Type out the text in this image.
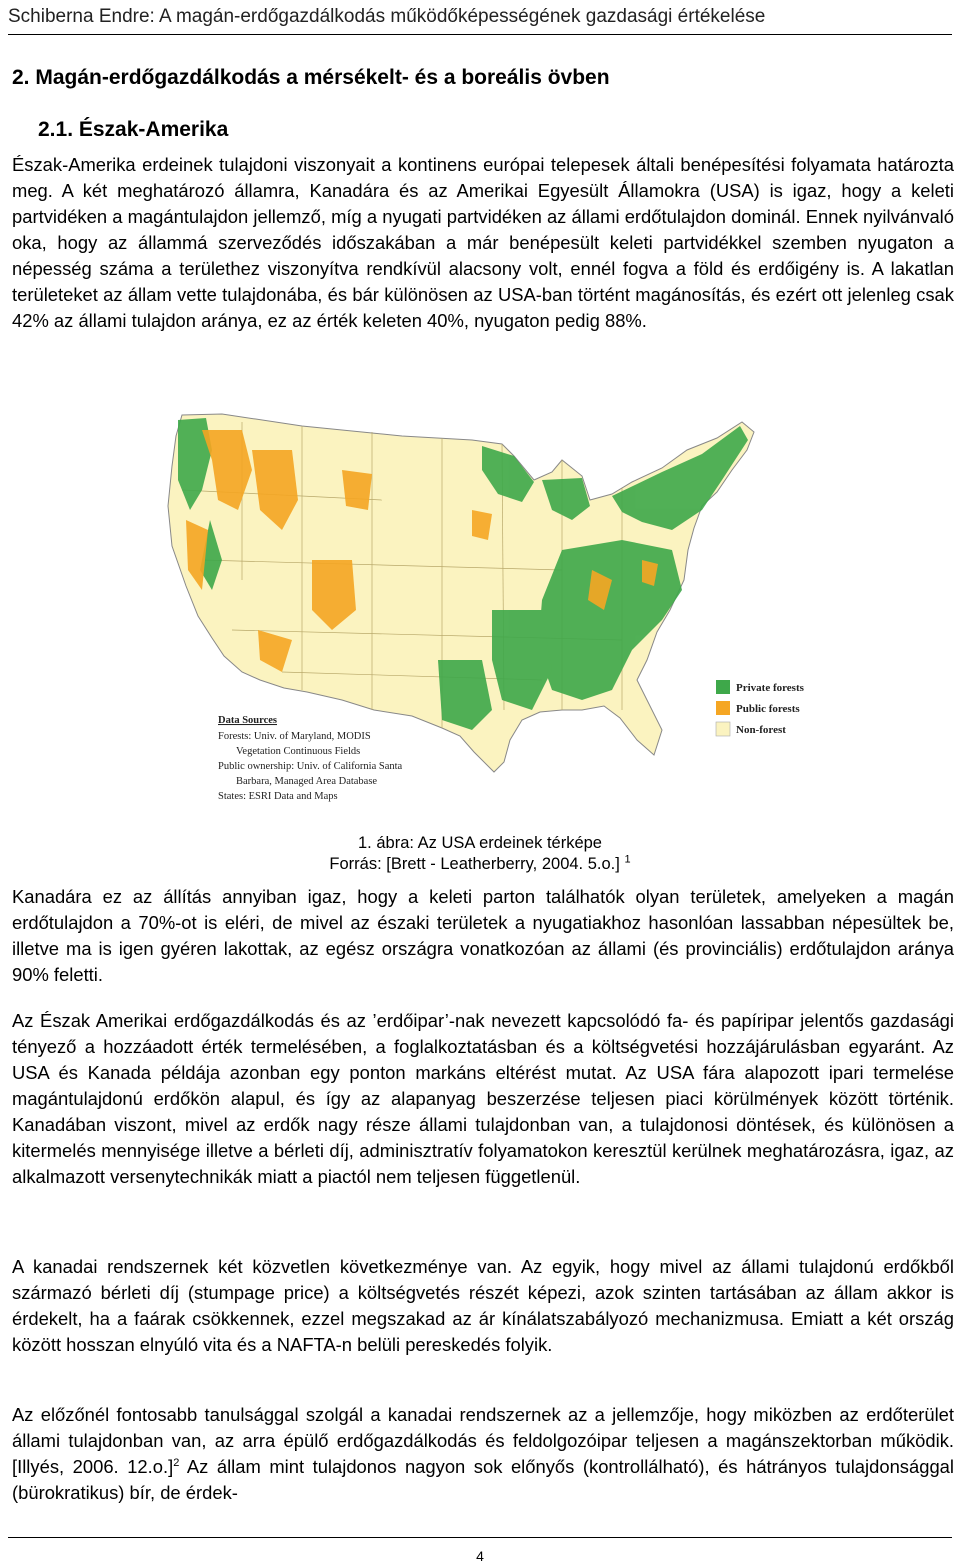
Schiberna Endre: A magán-erdőgazdálkodás működőképességének gazdasági értékelése
2. Magán-erdőgazdálkodás a mérsékelt- és a boreális övben
2.1. Észak-Amerika

Észak-Amerika erdeinek tulajdoni viszonyait a kontinens európai telepesek általi benépesítési folyamata határozta meg. A két meghatározó államra, Kanadára és az Amerikai Egyesült Államokra (USA) is igaz, hogy a keleti partvidéken a magántulajdon jellemző, míg a nyugati partvidéken az állami erdőtulajdon dominál. Ennek nyilvánvaló oka, hogy az állammá szerveződés időszakában a már benépesült keleti partvidékkel szemben nyugaton a népesség száma a területhez viszonyítva rendkívül alacsony volt, ennél fogva a föld és erdőigény is. A lakatlan területeket az állam vette tulajdonába, és bár különösen az USA-ban történt magánosítás, és ezért ott jelenleg csak 42% az állami tulajdon aránya, ez az érték keleten 40%, nyugaton pedig 88%.

Private forests
Public forests
Non-forest
Data Sources
Forests: Univ. of Maryland, MODIS
Vegetation Continuous Fields
Public ownership: Univ. of California Santa
Barbara, Managed Area Database
States: ESRI Data and Maps
1. ábra: Az USA erdeinek térképe
Forrás: [Brett - Leatherberry, 2004. 5.o.] $^1$

Kanadára ez az állítás annyiban igaz, hogy a keleti parton találhatók olyan területek, amelyeken a magán erdőtulajdon a 70%-ot is eléri, de mivel az északi területek a nyugatiakhoz hasonlóan lassabban népesültek be, illetve ma is igen gyéren lakottak, az egész országra vonatkozóan az állami (és provinciális) erdőtulajdon aránya 90% feletti.

Az Észak Amerikai erdőgazdálkodás és az ’erdőipar’-nak nevezett kapcsolódó fa- és papíripar jelentős gazdasági tényező a hozzáadott érték termelésében, a foglalkoztatásban és a költségvetési hozzájárulásban egyaránt. Az USA és Kanada példája azonban egy ponton markáns eltérést mutat. Az USA fára alapozott ipari termelése magántulajdonú erdőkön alapul, és így az alapanyag beszerzése teljesen piaci körülmények között történik. Kanadában viszont, mivel az erdők nagy része állami tulajdonban van, a tulajdonosi döntések, és különösen a kitermelés mennyisége illetve a bérleti díj, adminisztratív folyamatokon keresztül kerülnek meghatározásra, igaz, az alkalmazott versenytechnikák miatt a piactól nem teljesen függetlenül.

A kanadai rendszernek két közvetlen következménye van. Az egyik, hogy mivel az állami tulajdonú erdőkből származó bérleti díj (stumpage price) a költségvetés részét képezi, azok szinten tartásában az állam akkor is érdekelt, ha a faárak csökkennek, ezzel megszakad az ár kínálatszabályozó mechanizmusa. Emiatt a két ország között hosszan elnyúló vita és a NAFTA-n belüli pereskedés folyik.

Az előzőnél fontosabb tanulsággal szolgál a kanadai rendszernek az a jellemzője, hogy miközben az erdőterület állami tulajdonban van, az arra épülő erdőgazdálkodás és feldolgozóipar teljesen a magánszektorban működik. [Illyés, 2006. 12.o.]$^2$ Az állam mint tulajdonos nagyon sok előnyős (kontrollálható), és hátrányos tulajdonsággal (bürokratikus) bír, de érdek-

4
